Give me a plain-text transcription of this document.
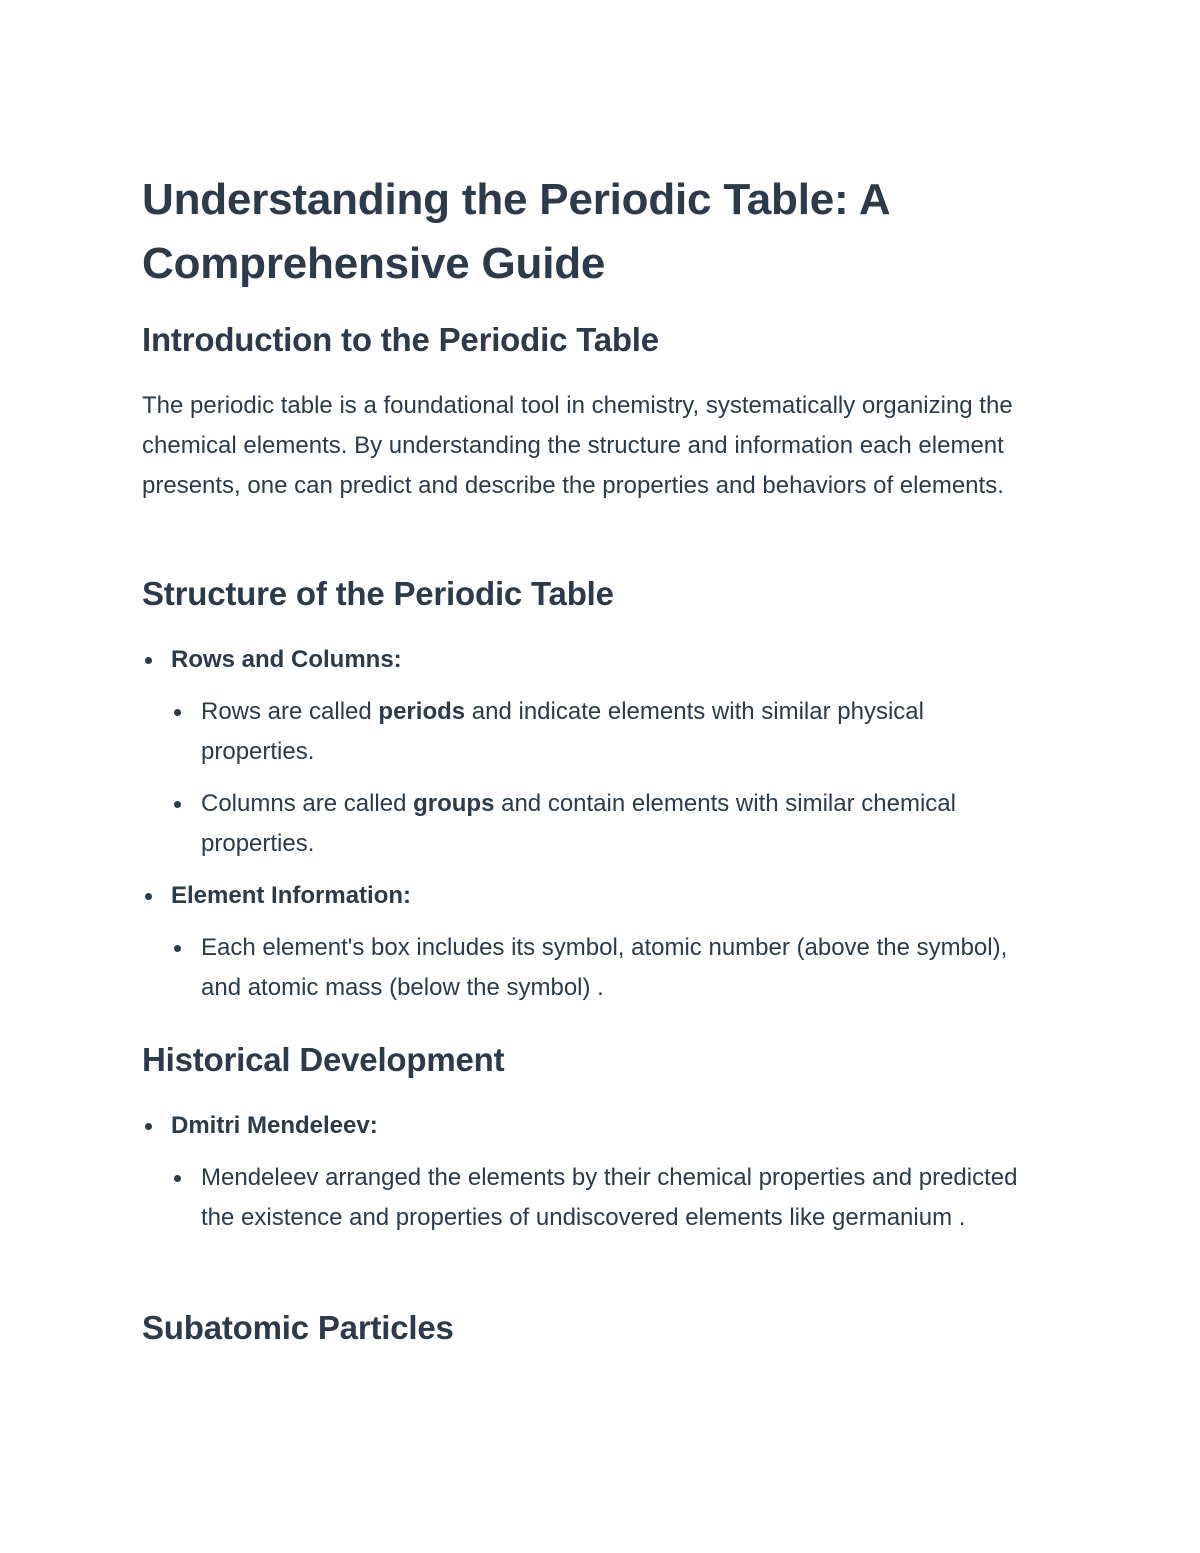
Understanding the Periodic Table: A Comprehensive Guide
Introduction to the Periodic Table

The periodic table is a foundational tool in chemistry, systematically organizing the chemical elements. By understanding the structure and information each element presents, one can predict and describe the properties and behaviors of elements.

Structure of the Periodic Table
Rows and Columns:
Rows are called periods and indicate elements with similar physical properties.
Columns are called groups and contain elements with similar chemical properties.
Element Information:
Each element's box includes its symbol, atomic number (above the symbol), and atomic mass (below the symbol) .
Historical Development
Dmitri Mendeleev:
Mendeleev arranged the elements by their chemical properties and predicted the existence and properties of undiscovered elements like germanium .
Subatomic Particles
